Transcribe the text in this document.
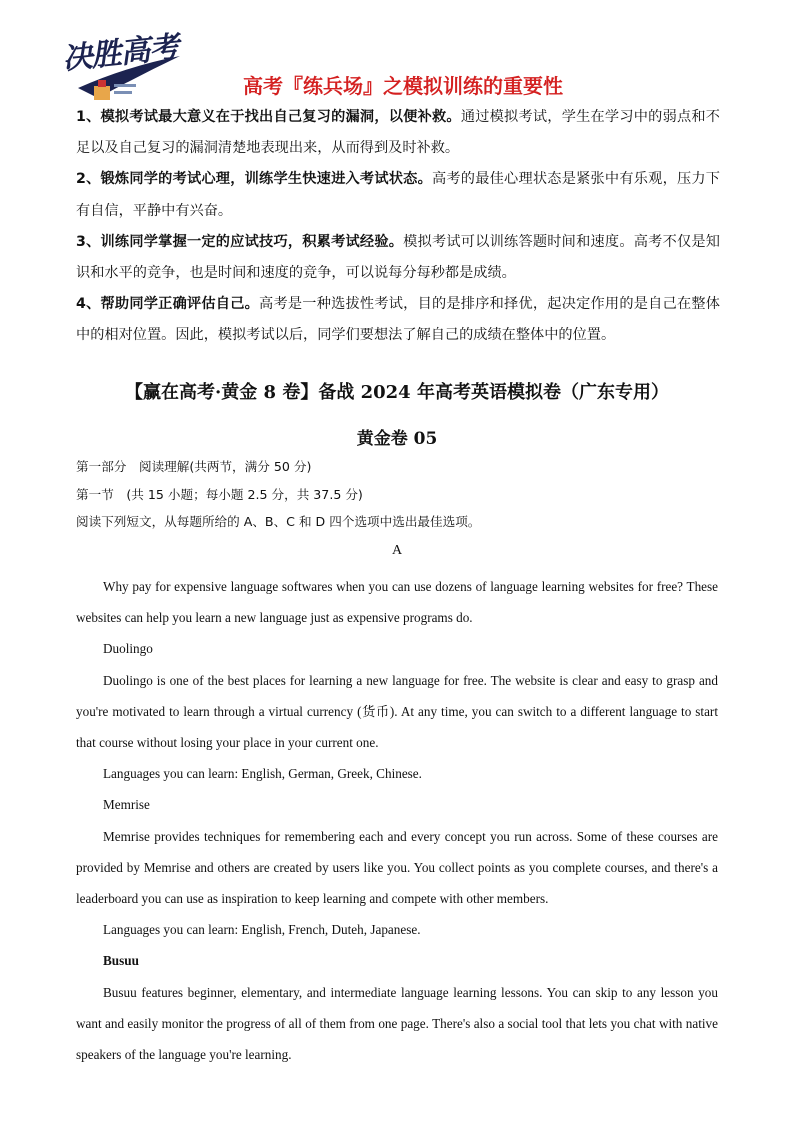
决胜高考
高考『练兵场』之模拟训练的重要性

1、模拟考试最大意义在于找出自己复习的漏洞，以便补救。通过模拟考试，学生在学习中的弱点和不足以及自己复习的漏洞清楚地表现出来，从而得到及时补救。

2、锻炼同学的考试心理，训练学生快速进入考试状态。高考的最佳心理状态是紧张中有乐观，压力下有自信，平静中有兴奋。

3、训练同学掌握一定的应试技巧，积累考试经验。模拟考试可以训练答题时间和速度。高考不仅是知识和水平的竞争，也是时间和速度的竞争，可以说每分每秒都是成绩。

4、帮助同学正确评估自己。高考是一种选拔性考试，目的是排序和择优，起决定作用的是自己在整体中的相对位置。因此，模拟考试以后，同学们要想法了解自己的成绩在整体中的位置。

【赢在高考·黄金 8 卷】备战 2024 年高考英语模拟卷（广东专用）
黄金卷 05

第一部分　阅读理解(共两节，满分 50 分)

第一节　(共 15 小题；每小题 2.5 分，共 37.5 分)

阅读下列短文，从每题所给的 A、B、C 和 D 四个选项中选出最佳选项。

A

Why pay for expensive language softwares when you can use dozens of language learning websites for free? These websites can help you learn a new language just as expensive programs do.

Duolingo

Duolingo is one of the best places for learning a new language for free. The website is clear and easy to grasp and you're motivated to learn through a virtual currency (货币). At any time, you can switch to a different language to start that course without losing your place in your current one.

Languages you can learn: English, German, Greek, Chinese.

Memrise

Memrise provides techniques for remembering each and every concept you run across. Some of these courses are provided by Memrise and others are created by users like you. You collect points as you complete courses, and there's a leaderboard you can use as inspiration to keep learning and compete with other members.

Languages you can learn: English, French, Duteh, Japanese.

Busuu

Busuu features beginner, elementary, and intermediate language learning lessons. You can skip to any lesson you want and easily monitor the progress of all of them from one page. There's also a social tool that lets you chat with native speakers of the language you're learning.
